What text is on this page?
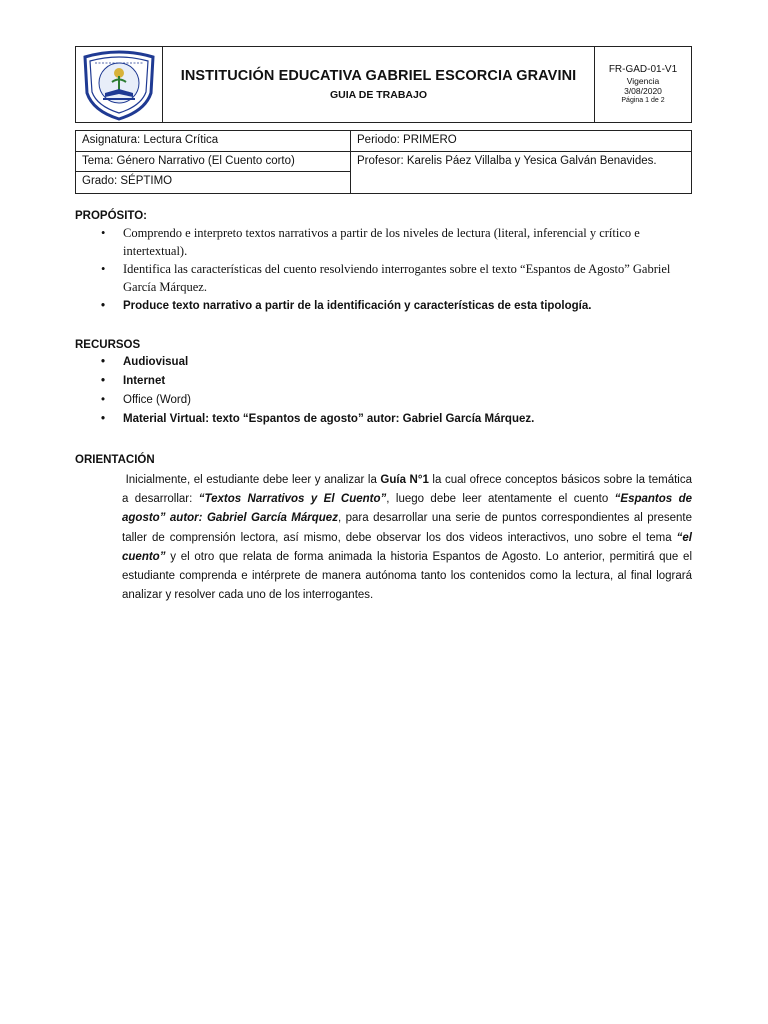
INSTITUCIÓN EDUCATIVA GABRIEL ESCORCIA GRAVINI
GUIA DE TRABAJO
FR-GAD-01-V1
Vigencia
3/08/2020
Página 1 de 2
Asignatura: Lectura Crítica	Periodo: PRIMERO
Tema: Género Narrativo (El Cuento corto)	Profesor: Karelis Páez Villalba y Yesica Galván Benavides.
Grado: SÉPTIMO
PROPÓSITO:
• Comprendo e interpreto textos narrativos a partir de los niveles de lectura (literal, inferencial y crítico e intertextual).
• Identifica las características del cuento resolviendo interrogantes sobre el texto “Espantos de Agosto” Gabriel García Márquez.
• Produce texto narrativo a partir de la identificación y características de esta tipología.
RECURSOS
• Audiovisual
• Internet
• Office (Word)
• Material Virtual: texto “Espantos de agosto” autor: Gabriel García Márquez.
ORIENTACIÓN

Inicialmente, el estudiante debe leer y analizar la Guía N°1 la cual ofrece conceptos básicos sobre la temática a desarrollar: “Textos Narrativos y El Cuento”, luego debe leer atentamente el cuento “Espantos de agosto” autor: Gabriel García Márquez, para desarrollar una serie de puntos correspondientes al presente taller de comprensión lectora, así mismo, debe observar los dos videos interactivos, uno sobre el tema “el cuento” y el otro que relata de forma animada la historia Espantos de Agosto. Lo anterior, permitirá que el estudiante comprenda e intérprete de manera autónoma tanto los contenidos como la lectura, al final logrará analizar y resolver cada uno de los interrogantes.
